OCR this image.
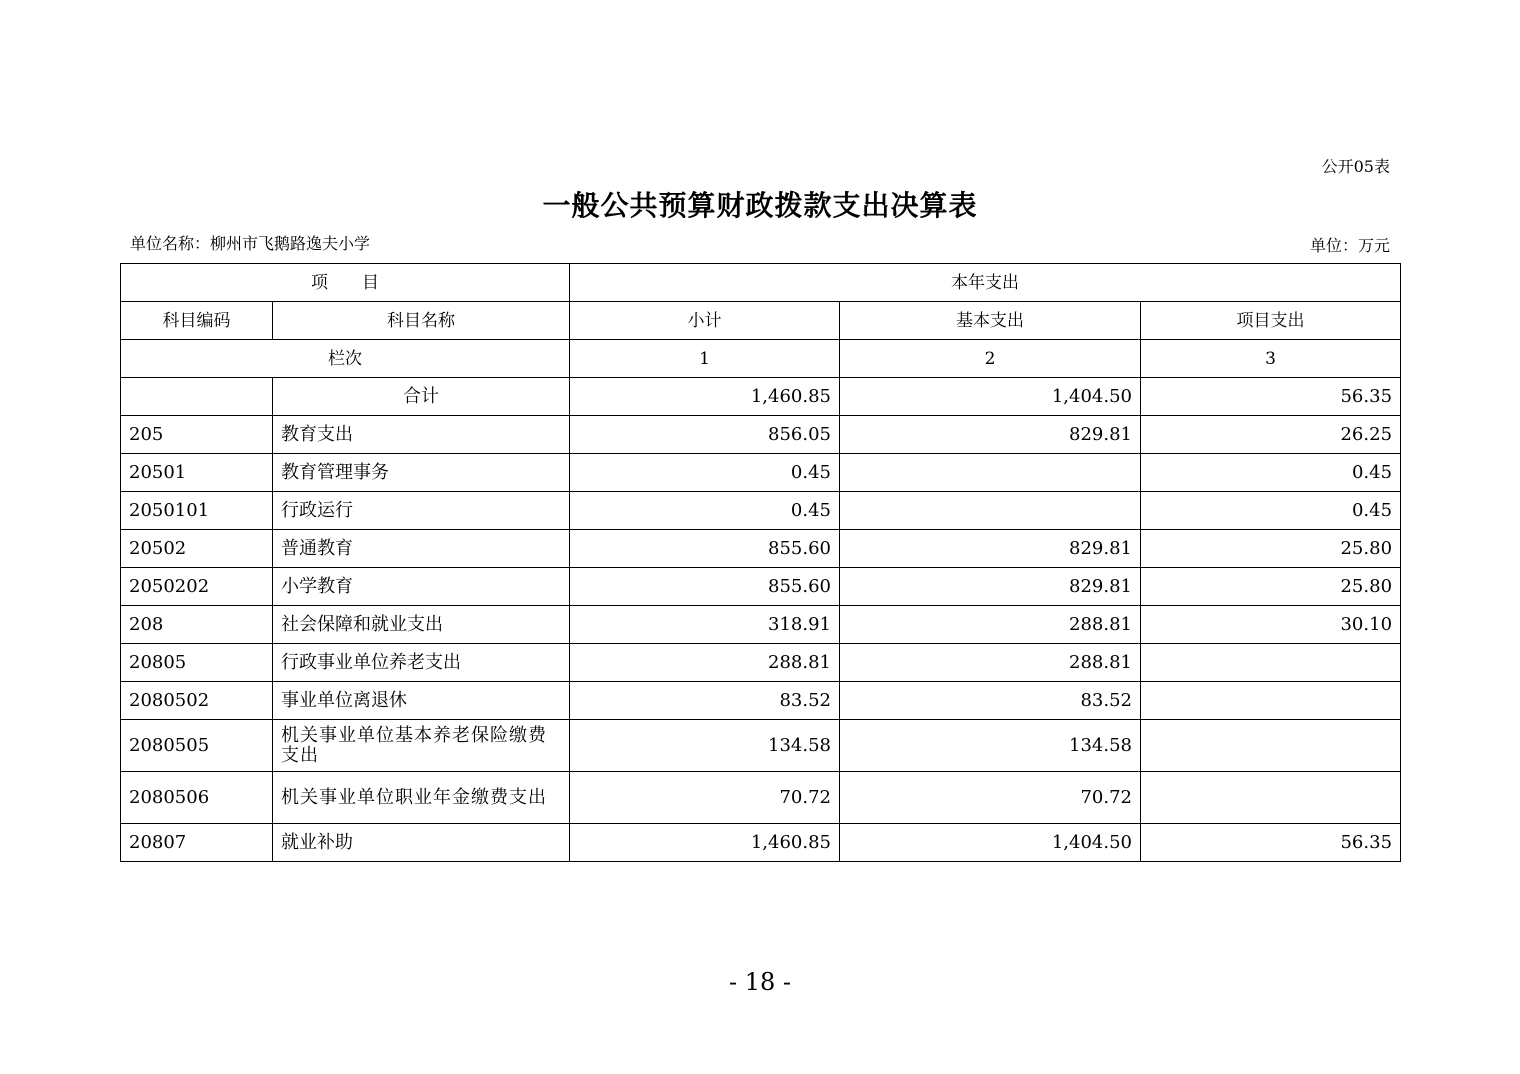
公开05表
一般公共预算财政拨款支出决算表
单位名称：柳州市飞鹅路逸夫小学	单位：万元
项　　目		本年支出		
科目编码	科目名称	小计	基本支出	项目支出
栏次		1	2	3
	合计	1,460.85	1,404.50	56.35
205	教育支出	856.05	829.81	26.25
20501	教育管理事务	0.45		0.45
2050101	行政运行	0.45		0.45
20502	普通教育	855.60	829.81	25.80
2050202	小学教育	855.60	829.81	25.80
208	社会保障和就业支出	318.91	288.81	30.10
20805	行政事业单位养老支出	288.81	288.81	
2080502	事业单位离退休	83.52	83.52	
2080505	机关事业单位基本养老保险缴费支出	134.58	134.58	
2080506	机关事业单位职业年金缴费支出	70.72	70.72	
20807	就业补助	1,460.85	1,404.50	56.35
- 18 -
